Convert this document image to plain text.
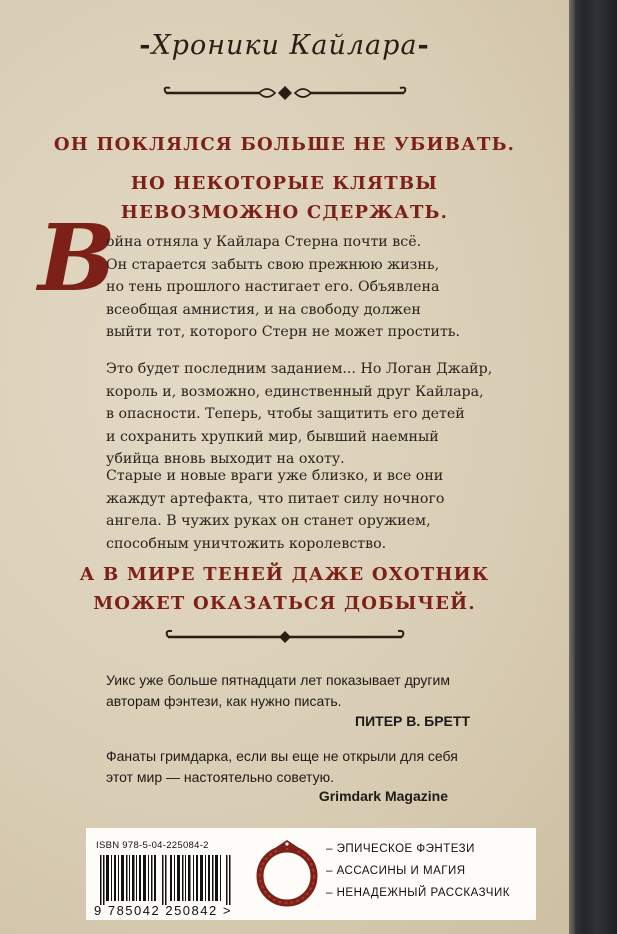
-Хроники Кайлара-
ОН ПОКЛЯЛСЯ БОЛЬШЕ НЕ УБИВАТЬ.
НО НЕКОТОРЫЕ КЛЯТВЫ
НЕВОЗМОЖНО СДЕРЖАТЬ.
В
ойна отняла у Кайлара Стерна почти всё.
Он старается забыть свою прежнюю жизнь,
но тень прошлого настигает его. Объявлена
всеобщая амнистия, и на свободу должен
выйти тот, которого Стерн не может простить.
Это будет последним заданием... Но Логан Джайр,
король и, возможно, единственный друг Кайлара,
в опасности. Теперь, чтобы защитить его детей
и сохранить хрупкий мир, бывший наемный
убийца вновь выходит на охоту.
Старые и новые враги уже близко, и все они
жаждут артефакта, что питает силу ночного
ангела. В чужих руках он станет оружием,
способным уничтожить королевство.
А В МИРЕ ТЕНЕЙ ДАЖЕ ОХОТНИК
МОЖЕТ ОКАЗАТЬСЯ ДОБЫЧЕЙ.
Уикс уже больше пятнадцати лет показывает другим
авторам фэнтези, как нужно писать.
ПИТЕР В. БРЕТТ
Фанаты гримдарка, если вы еще не открыли для себя
этот мир — настоятельно советую.
Grimdark Magazine
ISBN 978-5-04-225084-2
9 785042 250842 >
– ЭПИЧЕСКОЕ ФЭНТЕЗИ
– АССАСИНЫ И МАГИЯ
– НЕНАДЕЖНЫЙ РАССКАЗЧИК
